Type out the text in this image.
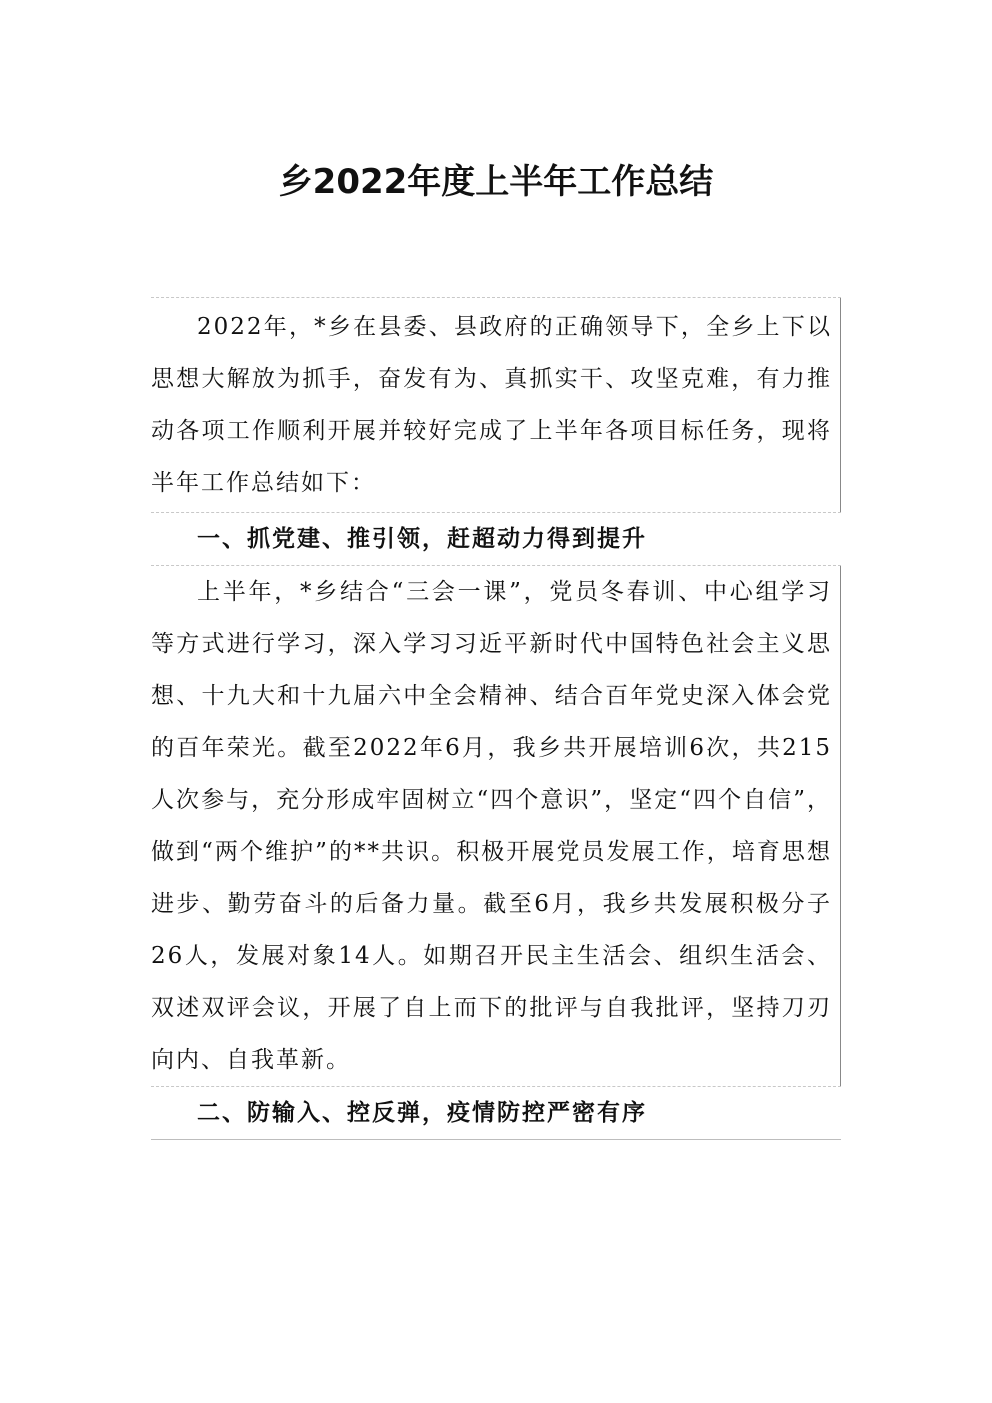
乡2022年度上半年工作总结

2022年，*乡在县委、县政府的正确领导下，全乡上下以思想大解放为抓手，奋发有为、真抓实干、攻坚克难，有力推动各项工作顺利开展并较好完成了上半年各项目标任务，现将半年工作总结如下：

一、抓党建、推引领，赶超动力得到提升

上半年，*乡结合“三会一课”，党员冬春训、中心组学习等方式进行学习，深入学习习近平新时代中国特色社会主义思想、十九大和十九届六中全会精神、结合百年党史深入体会党的百年荣光。截至2022年6月，我乡共开展培训6次，共215人次参与，充分形成牢固树立“四个意识”，坚定“四个自信”，做到“两个维护”的**共识。积极开展党员发展工作，培育思想进步、勤劳奋斗的后备力量。截至6月，我乡共发展积极分子26人，发展对象14人。如期召开民主生活会、组织生活会、双述双评会议，开展了自上而下的批评与自我批评，坚持刀刃向内、自我革新。

二、防输入、控反弹，疫情防控严密有序
